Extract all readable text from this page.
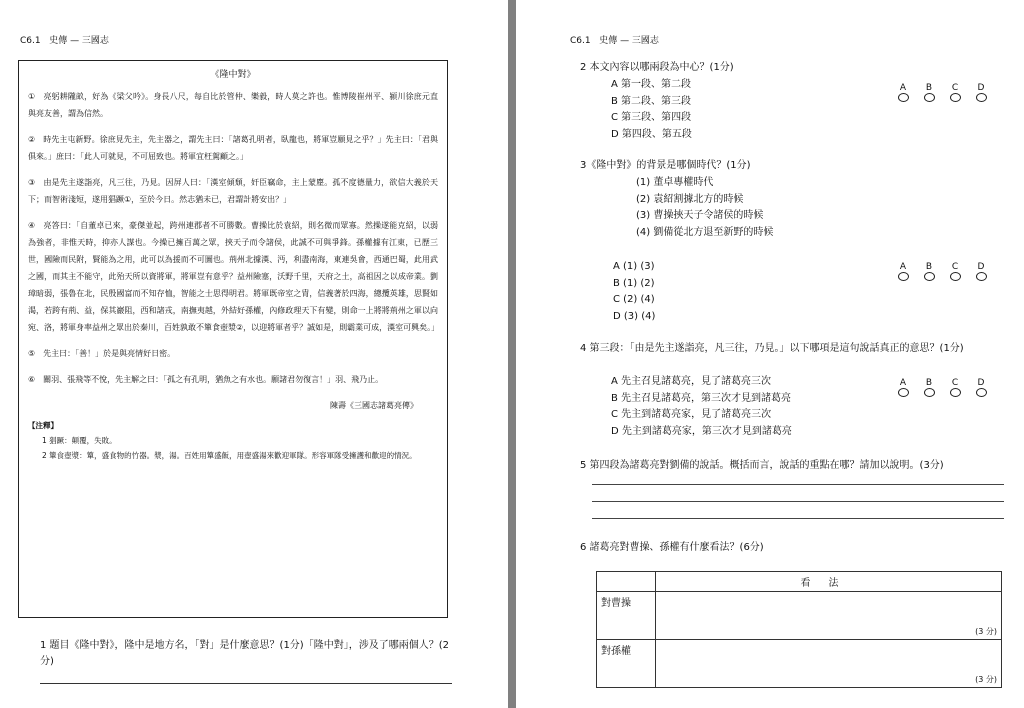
C6.1 史傳 — 三國志
《隆中對》

①　亮躬耕隴畝，好為《梁父吟》。身長八尺，每自比於管仲、樂毅，時人莫之許也。惟博陵崔州平、潁川徐庶元直與亮友善，謂為信然。

②　時先主屯新野。徐庶見先主，先主器之，謂先主曰：「諸葛孔明者，臥龍也，將軍豈願見之乎？」先主曰：「君與俱來。」庶曰：「此人可就見，不可屈致也。將軍宜枉駕顧之。」

③　由是先主遂詣亮，凡三往，乃見。因屏人曰：「漢室傾頹，奸臣竊命，主上蒙塵。孤不度德量力，欲信大義於天下；而智術淺短，遂用猖蹶①，至於今日。然志猶未已，君謂計將安出？」

④　亮答曰：「自董卓已來，豪傑並起，跨州連郡者不可勝數。曹操比於袁紹，則名微而眾寡。然操遂能克紹，以弱為強者，非惟天時，抑亦人謀也。今操已擁百萬之眾，挾天子而令諸侯，此誠不可與爭鋒。孫權據有江東，已歷三世，國險而民附，賢能為之用，此可以為援而不可圖也。荊州北據漢、沔，利盡南海，東連吳會，西通巴蜀，此用武之國，而其主不能守，此殆天所以資將軍，將軍豈有意乎？益州險塞，沃野千里，天府之土，高祖因之以成帝業。劉璋暗弱，張魯在北，民殷國富而不知存恤，智能之士思得明君。將軍既帝室之胄，信義著於四海，總攬英雄，思賢如渴，若跨有荊、益，保其巖阻，西和諸戎，南撫夷越，外結好孫權，內修政理天下有變，則命一上將將荊州之軍以向宛、洛，將軍身率益州之眾出於秦川，百姓孰敢不簞食壺漿②，以迎將軍者乎？誠如是，則霸業可成，漢室可興矣。」

⑤　先主曰：「善！」於是與亮情好日密。

⑥　關羽、張飛等不悅，先主解之曰：「孤之有孔明，猶魚之有水也。願諸君勿復言！」羽、飛乃止。

陳壽《三國志諸葛亮傳》
【注釋】
1 猖蹶：顛覆，失敗。
2 簞食壺漿：簞，盛食物的竹器。漿，湯。百姓用簞盛飯，用壺盛湯來歡迎軍隊。形容軍隊受擁護和歡迎的情況。
1 題目《隆中對》，隆中是地方名，「對」是什麼意思？(1分)「隆中對」，涉及了哪兩個人？(2分)
C6.1 史傳 — 三國志
2 本文內容以哪兩段為中心？(1分)
A 第一段、第二段
B 第二段、第三段
C 第三段、第四段
D 第四段、第五段
A	B	C	D
3《隆中對》的背景是哪個時代？(1分)
(1) 董卓專權時代
(2) 袁紹割據北方的時候
(3) 曹操挾天子令諸侯的時候
(4) 劉備從北方退至新野的時候
A (1) (3)
B (1) (2)
C (2) (4)
D (3) (4)
A	B	C	D
4 第三段：「由是先主遂詣亮，凡三往，乃見。」以下哪項是這句說話真正的意思？(1分)
A 先主召見諸葛亮，見了諸葛亮三次
B 先主召見諸葛亮，第三次才見到諸葛亮
C 先主到諸葛亮家，見了諸葛亮三次
D 先主到諸葛亮家，第三次才見到諸葛亮
A	B	C	D
5 第四段為諸葛亮對劉備的說話。概括而言，說話的重點在哪？請加以說明。(3分)
6 諸葛亮對曹操、孫權有什麼看法？(6分)
	看法
對曹操	(3 分)

對孫權	(3 分)
